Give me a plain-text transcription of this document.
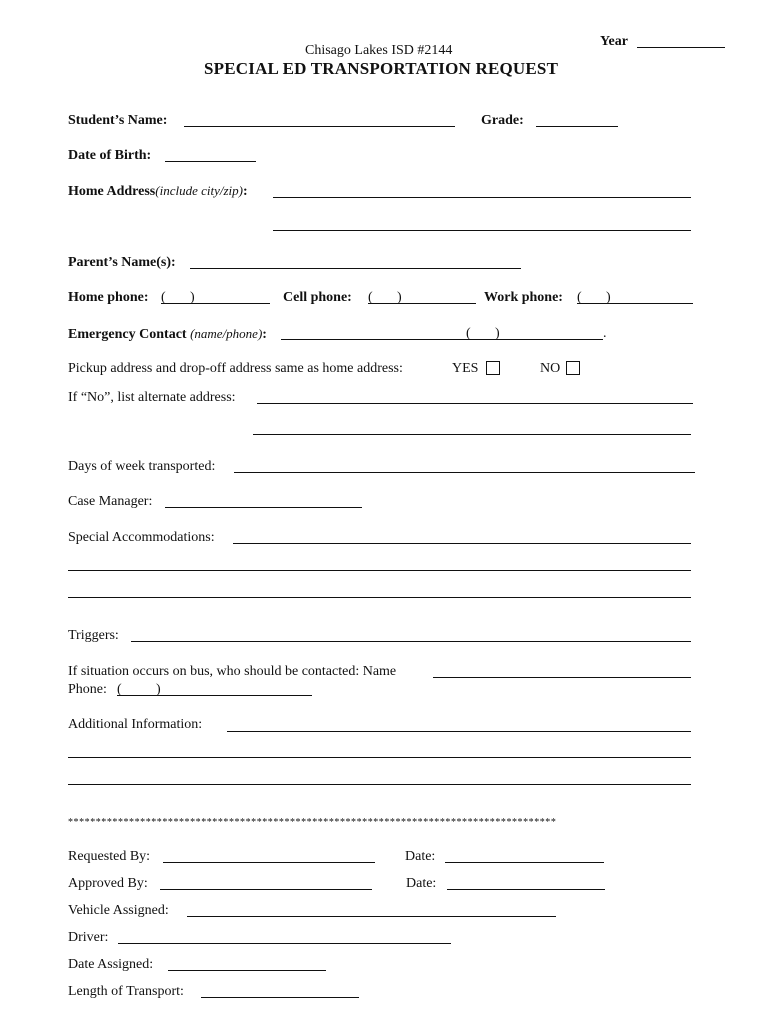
Year
Chisago Lakes ISD #2144
SPECIAL ED TRANSPORTATION REQUEST
Student’s Name:	Grade:
Date of Birth:
Home Address(include city/zip):
Parent’s Name(s):
Home phone: ( )	Cell phone: ( )	Work phone: ( )
Emergency Contact (name/phone):	( )	.
Pickup address and drop-off address same as home address:	YES	NO
If “No”, list alternate address:
Days of week transported:
Case Manager:
Special Accommodations:
Triggers:
If situation occurs on bus, who should be contacted: Name
Phone: ( )
Additional Information:
****************************************************************************************
Requested By:	Date:
Approved By:	Date:
Vehicle Assigned:
Driver:
Date Assigned:
Length of Transport:
